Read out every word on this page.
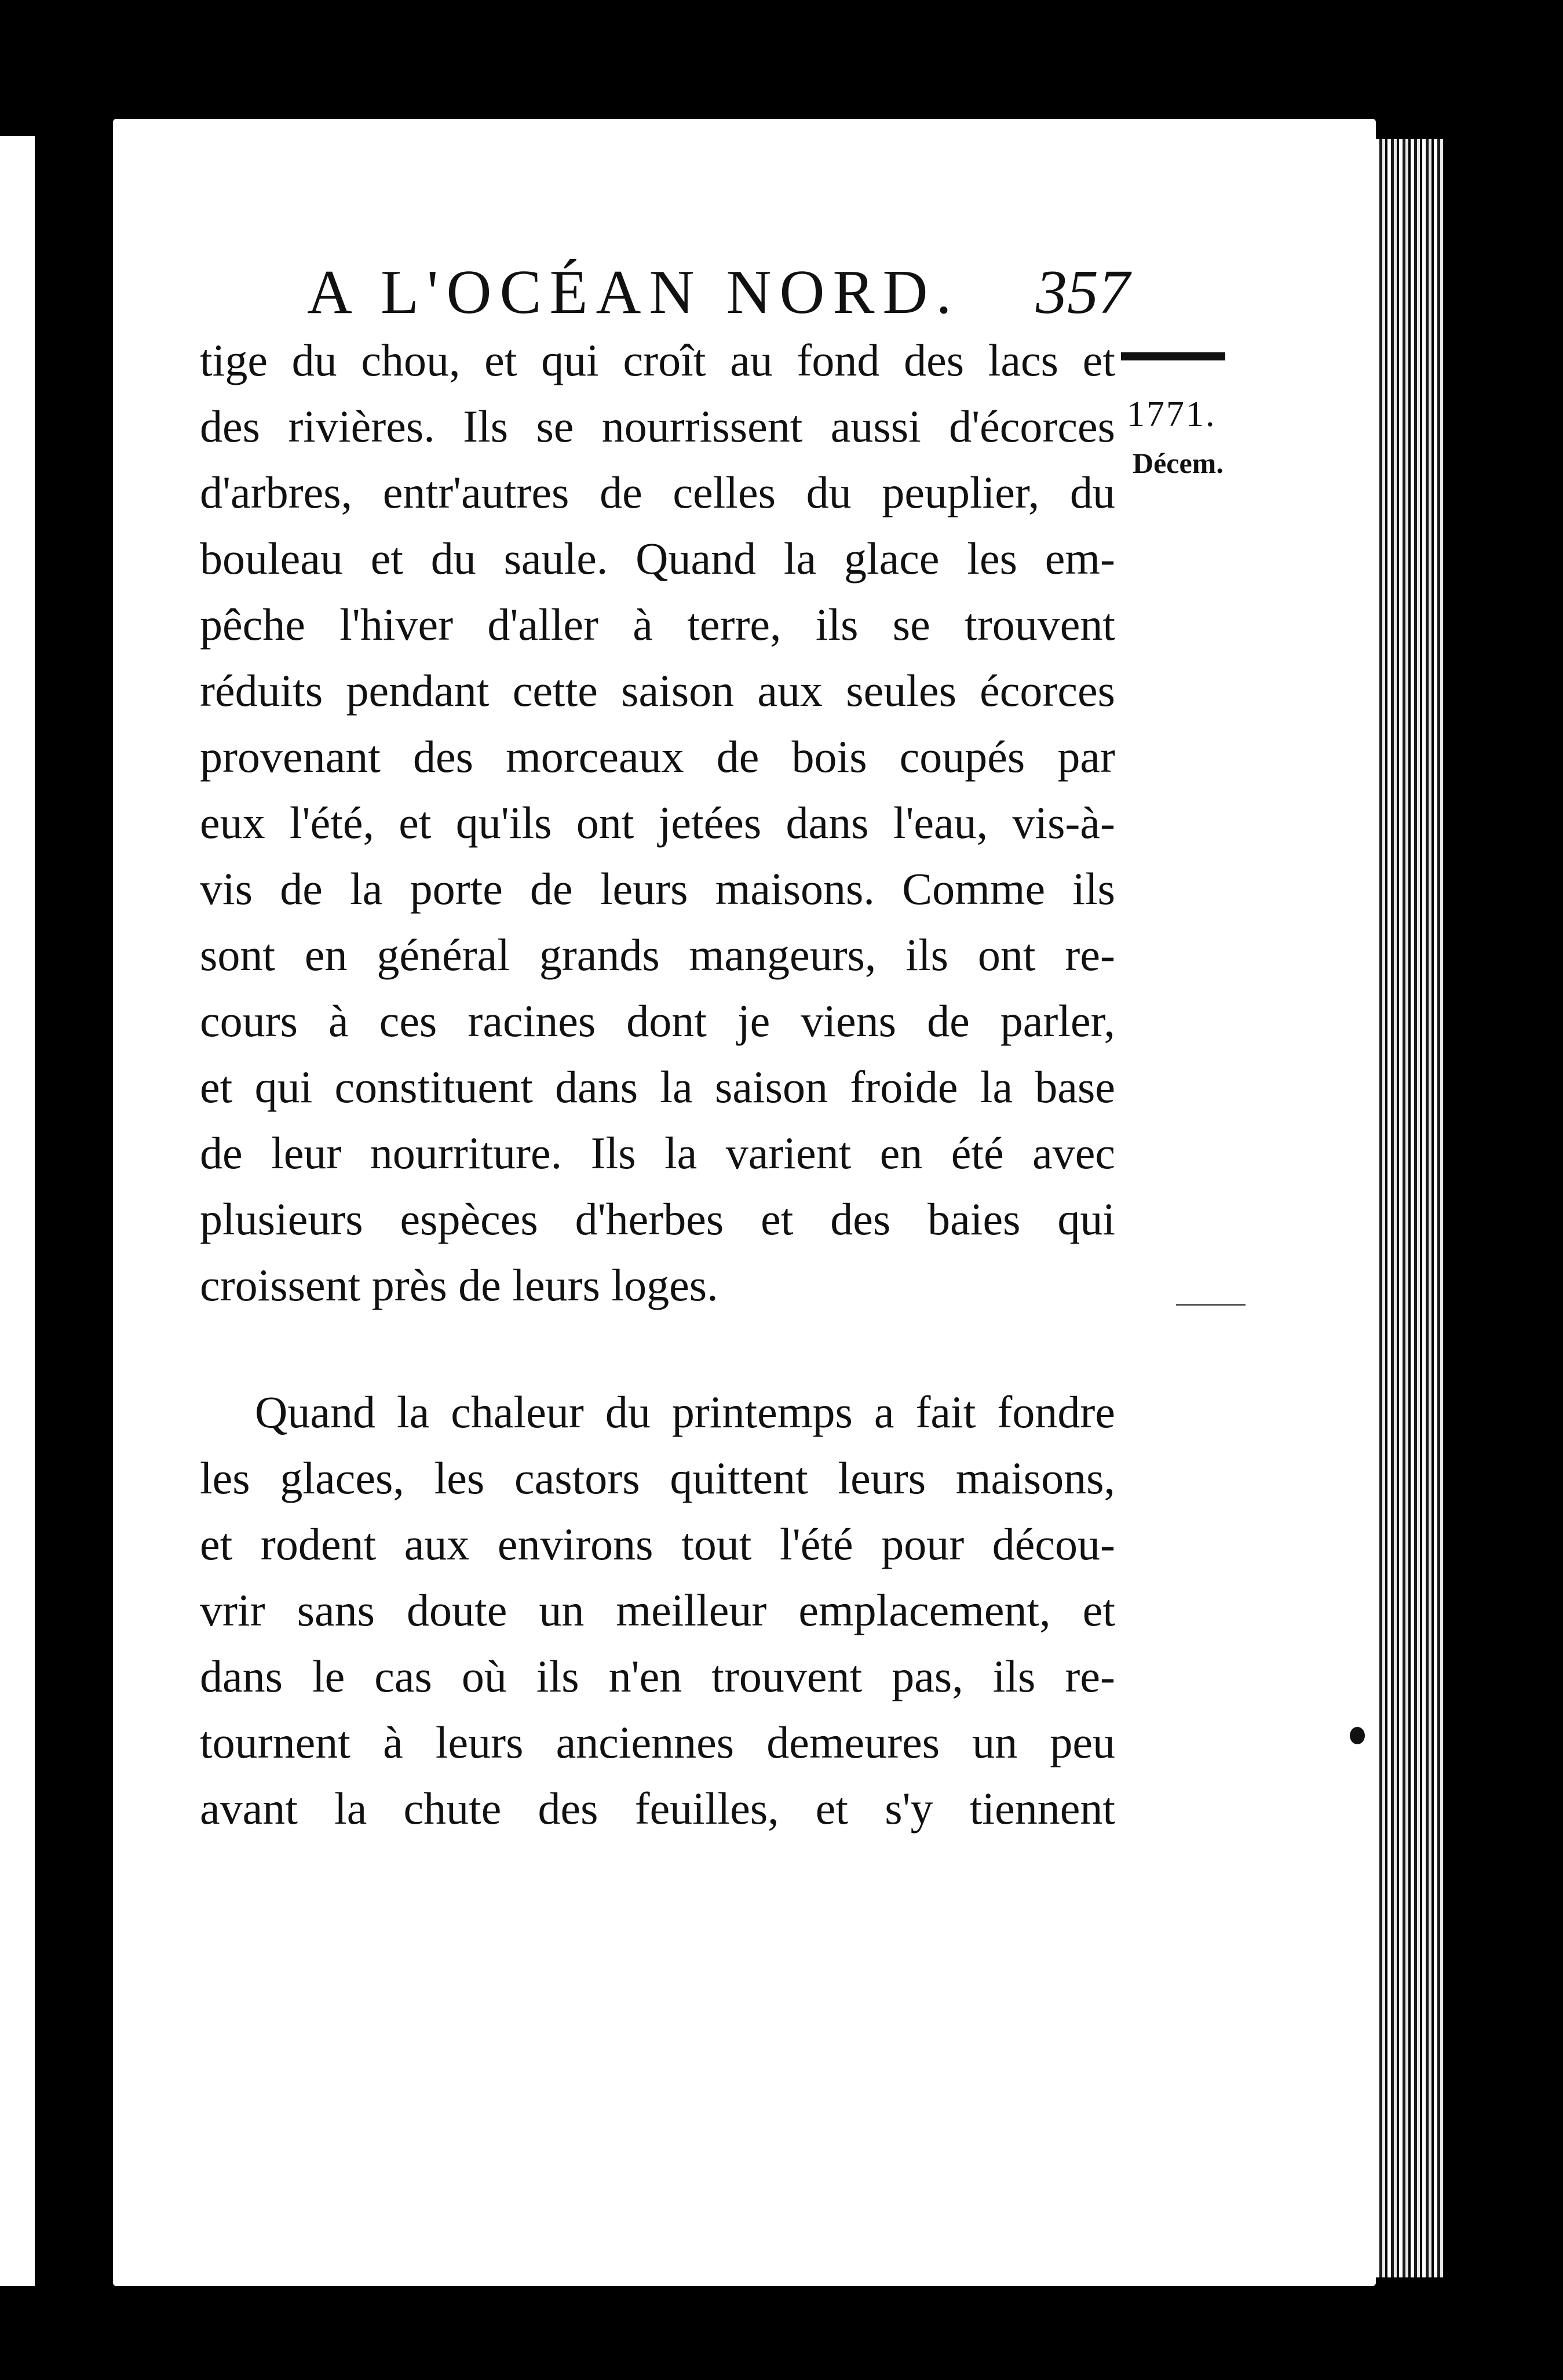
A L'OCÉAN NORD. 357
1771.
Décem.
tige du chou, et qui croît au fond des lacs et
des rivières. Ils se nourrissent aussi d'écorces
d'arbres, entr'autres de celles du peuplier, du
bouleau et du saule. Quand la glace les em-
pêche l'hiver d'aller à terre, ils se trouvent
réduits pendant cette saison aux seules écorces
provenant des morceaux de bois coupés par
eux l'été, et qu'ils ont jetées dans l'eau, vis-à-
vis de la porte de leurs maisons. Comme ils
sont en général grands mangeurs, ils ont re-
cours à ces racines dont je viens de parler,
et qui constituent dans la saison froide la base
de leur nourriture. Ils la varient en été avec
plusieurs espèces d'herbes et des baies qui
croissent près de leurs loges.
Quand la chaleur du printemps a fait fondre
les glaces, les castors quittent leurs maisons,
et rodent aux environs tout l'été pour décou-
vrir sans doute un meilleur emplacement, et
dans le cas où ils n'en trouvent pas, ils re-
tournent à leurs anciennes demeures un peu
avant la chute des feuilles, et s'y tiennent
